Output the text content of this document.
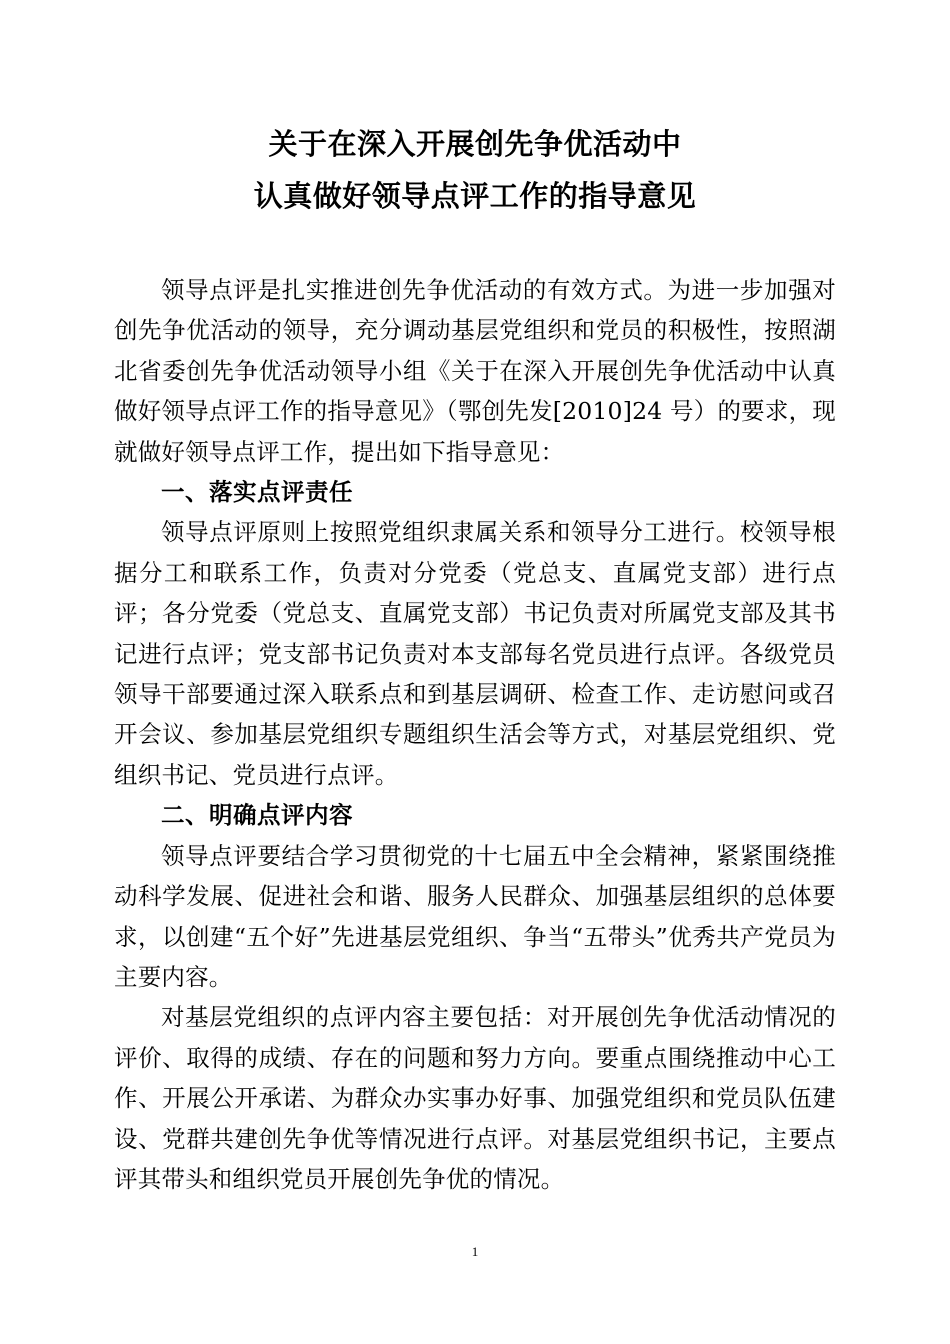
关于在深入开展创先争优活动中
认真做好领导点评工作的指导意见

领导点评是扎实推进创先争优活动的有效方式。为进一步加强对创先争优活动的领导，充分调动基层党组织和党员的积极性，按照湖北省委创先争优活动领导小组《关于在深入开展创先争优活动中认真做好领导点评工作的指导意见》（鄂创先发[2010]24 号）的要求，现就做好领导点评工作，提出如下指导意见：

一、落实点评责任

领导点评原则上按照党组织隶属关系和领导分工进行。校领导根据分工和联系工作，负责对分党委（党总支、直属党支部）进行点评；各分党委（党总支、直属党支部）书记负责对所属党支部及其书记进行点评；党支部书记负责对本支部每名党员进行点评。各级党员领导干部要通过深入联系点和到基层调研、检查工作、走访慰问或召开会议、参加基层党组织专题组织生活会等方式，对基层党组织、党组织书记、党员进行点评。

二、明确点评内容

领导点评要结合学习贯彻党的十七届五中全会精神，紧紧围绕推动科学发展、促进社会和谐、服务人民群众、加强基层组织的总体要求，以创建“五个好”先进基层党组织、争当“五带头”优秀共产党员为主要内容。

对基层党组织的点评内容主要包括：对开展创先争优活动情况的评价、取得的成绩、存在的问题和努力方向。要重点围绕推动中心工作、开展公开承诺、为群众办实事办好事、加强党组织和党员队伍建设、党群共建创先争优等情况进行点评。对基层党组织书记，主要点评其带头和组织党员开展创先争优的情况。

1
